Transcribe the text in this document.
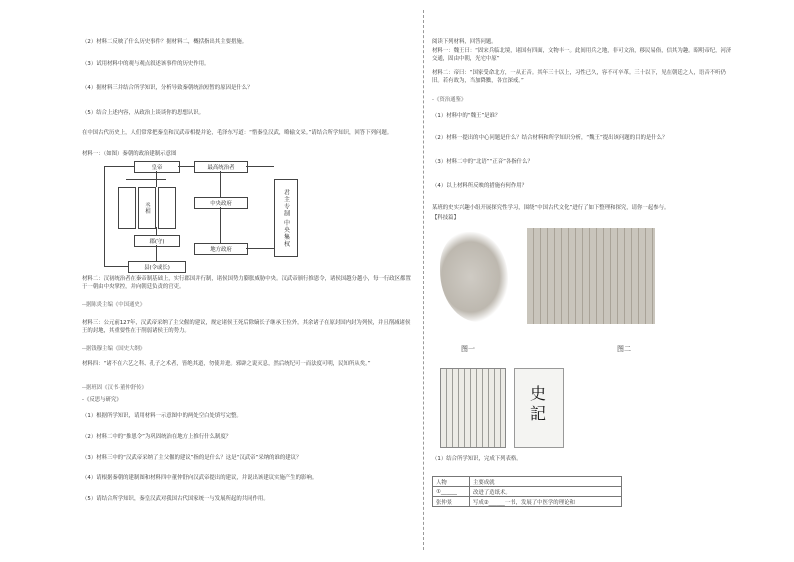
（2）材料二反映了什么历史事件？据材料二，概括指出其主要措施。
（3）试用材料中的观与观点叙述该事件的历史作用。
（4）据材料三并结合所学知识，分析导致秦朝统治短暂的原因是什么？
（5）结合上述内容，从政治上谈谈你的思想认识。
在中国古代历史上，人们常常把秦皇和汉武帝相提并论，毛泽东写道：“惜秦皇汉武，略输文采。”请结合所学知识，回答下列问题。
材料一：（如图）秦朝的政治建制示意图
皇帝	最高统治者
丞相	中央政府
郡(守)
地方政府
县(令或长)
君主专制 中央集权
材料二：汉初统治者在秦帝制基础上，实行郡国并行制，诸侯国势力膨胀威胁中央。汉武帝颁行推恩令，诸侯国越分越小，每一行政区都置于一朝由中央掌控，并向朝廷负责的官吏。
--据陈炎主编《中国通史》
材料三：公元前127年，汉武帝采纳了主父偃的建议，规定诸侯王死后除嫡长子继承王位外，其余诸子在原封国内封为列侯，并且削减诸侯王的封地，其重要性在于削弱诸侯王的势力。
--据钱穆主编《国史大纲》
材料四：“诸不在六艺之科、孔子之术者，皆绝其道，勿使并进。邪辟之说灭息，然后统纪可一而法度可明，民知所从矣。”
--据班固《汉书·董仲舒传》
-《反思与研究》
（1）根据所学知识，请用材料一示意图中的两处空白处填写完整。
（2）材料二中的“推恩令”为巩固统治在地方上推行什么制度？
（3）材料三中的“汉武帝采纳了主父偃的建议”指的是什么？这是“汉武帝”采纳的谁的建议？
（4）请根据秦朝的建制图和材料四中董仲舒向汉武帝提出的建议，并说出该建议实施产生的影响。
（5）请结合所学知识，秦皇汉武对我国古代国家统一与发展所起的共同作用。
阅读下列材料，回答问题。
材料一：魏王曰：“固宋兵临北境，诸国有四面，文物丰一。此间用兵之地，非可文治，移民易俗，信其为趣。昭明帝纪，河济交通，固由中朝，光宅中原”
材料二：帝曰：“国家受命北方，一从正音。其年三十以上，习性已久，容不可卒革。三十以下，见在朝廷之人，语音不听仍旧。若有故为，当加降黜，各宜深戒。”
-《资治通鉴》
（1）材料中的“魏王”是谁？
（2）材料一提出的中心问题是什么？结合材料和所学知识分析，“魏王”提出该问题的目的是什么？
（3）材料二中的“北语”“正音”各指什么？
（4）以上材料所反映的措施有何作用？
某班的史实兴趣小组开展探究性学习，围绕“中国古代文化”进行了如下整理和探究，请你一起参与。
【科技篇】
图一	图二
史 記
（1）结合所学知识，完成下列表格。
人物	主要成就
①______	改进了造纸术。
张仲景	写成②______一书，发展了中医学的理论和
